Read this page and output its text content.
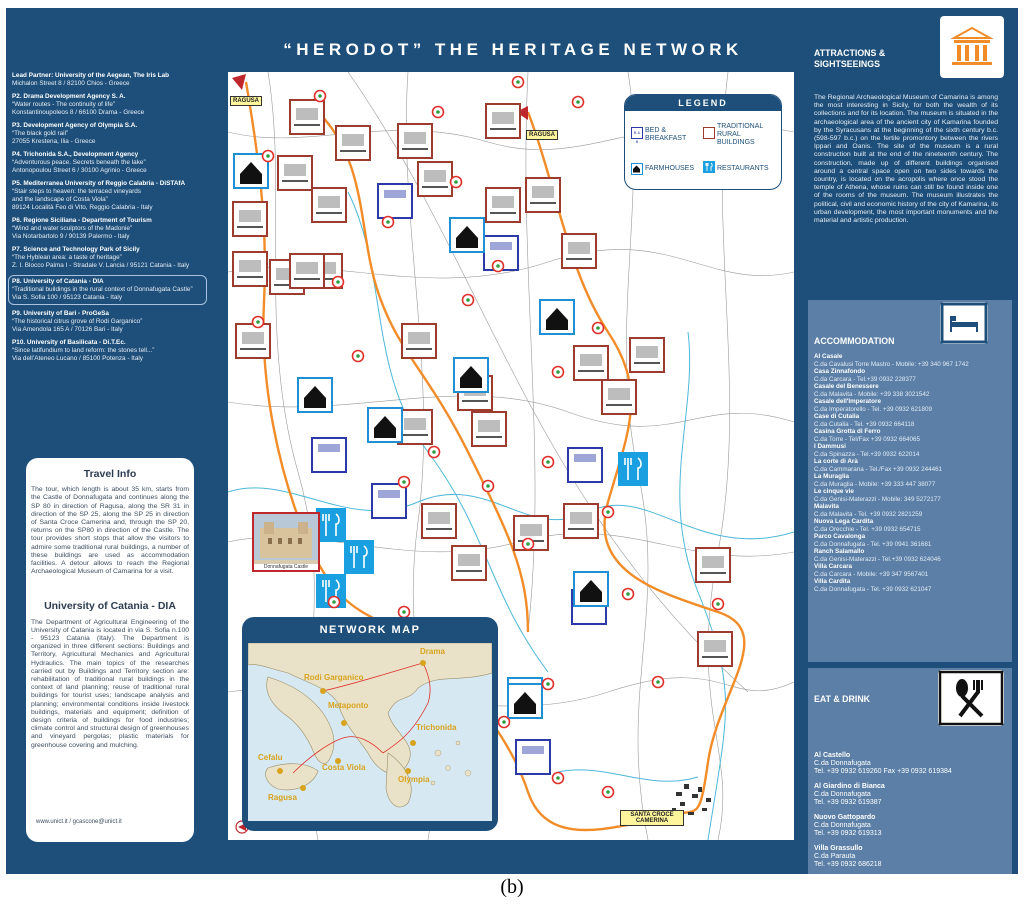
Lead Partner: University of the Aegean, The Iris Lab
Michalon Street 8 / 82100 Chios - Greece
P2. Drama Development Agency S. A.
“Water routes - The continuity of life”
Konstantinoupoleos 8 / 66100 Drama - Greece
P3. Development Agency of Olympia S.A.
“The black gold rail”
27055 Krestena, Ilia - Greece
P4. Trichonida S.A., Development Agency
“Adventurous peace. Secrets beneath the lake”
Antonopoulou Street 6 / 30100 Agrinio - Greece
P5. Mediterranea University of Reggio Calabria - DiSTAfA
“Stair steps to heaven: the terraced vineyards
and the landscape of Costa Viola”
89124 Località Feo di Vito, Reggio Calabria - Italy
P6. Regione Siciliana - Department of Tourism
“Wind and water sculptors of the Madonie”
Via Notarbartolo 9 / 90139 Palermo - Italy
P7. Science and Technology Park of Sicily
“The Hyblean area: a taste of heritage”
Z. I. Blocco Palma I - Stradale V. Lancia / 95121 Catania - Italy
P8. University of Catania - DIA
“Traditional buildings in the rural context of Donnafugata Castle”
Via S. Sofia 100 / 95123 Catania - Italy
P9. University of Bari - ProGeSa
“The historical citrus grove of Rodi Garganico”
Via Amendola 165 A / 70126 Bari - Italy
P10. University of Basilicata - Di.T.Ec.
“Since latifundium to land reform: the stones tell...”
Via dell’Ateneo Lucano / 85100 Potenza - Italy
Travel Info

The tour, which length is about 35 km, starts from the Castle of Donnafugata and continues along the SP 80 in direction of Ragusa, along the SR 31 in direction of the SP 25, along the SP 25 in direction of Santa Croce Camerina and, through the SP 20, returns on the SP80 in direction of the Castle. The tour provides short stops that allow the visitors to admire some traditional rural buildings, a number of these buildings are used as accommodation facilities. A detour allows to reach the Regional Archaeological Museum of Camarina for a visit.

University of Catania - DIA

The Department of Agricultural Engineering of the University of Catania is located in via S. Sofia n.100 - 95123 Catania (Italy). The Department is organized in three different sections: Buildings and Territory, Agricultural Mechanics and Agricultural Hydraulics. The main topics of the researches carried out by Buildings and Territory section are: rehabilitation of traditional rural buildings in the context of land planning; reuse of traditional rural buildings for tourist uses; landscape analysis and planning; environmental conditions inside livestock buildings, materials and equipment; definition of design criteria of buildings for food industries; climate control and structural design of greenhouses and vineyard pergolas; plastic materials for greenhouse covering and mulching.

www.unict.it / gcascone@unict.it
“HERODOT” THE HERITAGE NETWORK
RAGUSA
RAGUSA
SANTA CROCE CAMERINA
Donnafugata Castle
LEGEND
B & B
BED & BREAKFAST
TRADITIONAL RURAL BUILDINGS
FARMHOUSES	RESTAURANTS
NETWORK MAP
Rodi Garganico
Drama
Metaponto
Trichonida
Cefalu
Ragusa
Costa Viola
Olympia
ATTRACTIONS & SIGHTSEEINGS
The Regional Archaeological Museum of Camarina is among the most interesting in Sicily, for both the wealth of its collections and for its location. The museum is situated in the archaeological area of the ancient city of Kamarina founded by the Syracusans at the beginning of the sixth century b.c. (598-597 b.c.) on the fertile promontory between the rivers Ippari and Oanis. The site of the museum is a rural construction built at the end of the nineteenth century. The construction, made up of different buildings organised around a central space open on two sides towards the country, is located on the acropolis where once stood the temple of Athena, whose ruins can still be found inside one of the rooms of the museum. The museum illustrates the political, civil and economic history of the city of Kamarina, its urban development, the most important monuments and the material and artistic production.
ACCOMMODATION
Al Casale
C.da Cavalusi Torre Mastro - Mobile: +39 340 967 1742
Casa Zinnafondo
C.da Carcara - Tel.+39 0932 228377
Casale del Benessere
C.da Malavita - Mobile: +39 338 3021542
Casale dell'Imperatore
C.da Imperatorello - Tel. +39 0932 621809
Case di Cutalia
C.da Cutalia - Tel. +39 0932 664118
Casina Grotta di Ferro
C.da Torre - Tel/Fax +39 0932 664065
I Dammusi
C.da Spinazza - Tel.+39 0932 622014
La corte di Arà
C.da Cammarana - Tel./Fax +39 0932 244461
La Muraglia
C.da Muraglia - Mobile: +39 333 447 38077
Le cinque vie
C.da Genisi-Materazzi - Mobile: 349 5272177
Malavita
C.da Malavita - Tel. +39 0932 2821259
Nuova Lega Cardita
C.da Orecchie - Tel. +39 0932 654715
Parco Cavalonga
C.da Donnafugata - Tel. +39 0941 361681
Ranch Salamallo
C.da Genisi-Materazzi - Tel.+39 0932 624046
Villa Carcara
C.da Carcara - Mobile: +39 347 9567401
Villa Cardita
C.da Donnafugata - Tel. +39 0932 621047
EAT & DRINK
Al Castello
C.da Donnafugata
Tel. +39 0932 619260 Fax +39 0932 619384
Al Giardino di Bianca
C.da Donnafugata
Tel. +39 0932 619387
Nuovo Gattopardo
C.da Donnafugata
Tel. +39 0932 619313
Villa Grassullo
C.da Parauta
Tel. +39 0932 686218
(b)
